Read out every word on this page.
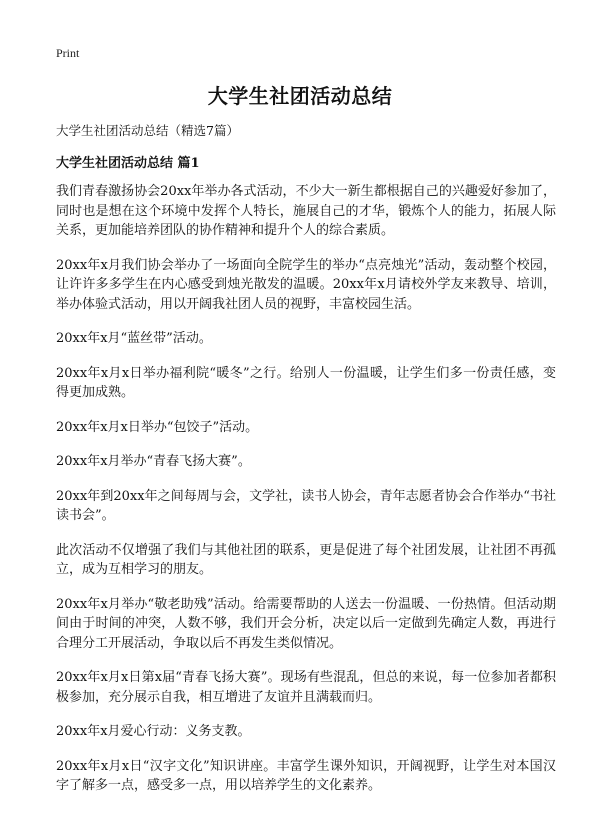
Print
大学生社团活动总结

大学生社团活动总结（精选7篇）

大学生社团活动总结 篇1

我们青春激扬协会20xx年举办各式活动，不少大一新生都根据自己的兴趣爱好参加了，同时也是想在这个环境中发挥个人特长，施展自己的才华，锻炼个人的能力，拓展人际关系，更加能培养团队的协作精神和提升个人的综合素质。

20xx年x月我们协会举办了一场面向全院学生的举办“点亮烛光”活动，轰动整个校园，让许许多多学生在内心感受到烛光散发的温暖。20xx年x月请校外学友来教导、培训，举办体验式活动，用以开阔我社团人员的视野，丰富校园生活。

20xx年x月“蓝丝带”活动。

20xx年x月x日举办福利院“暖冬”之行。给别人一份温暖，让学生们多一份责任感，变得更加成熟。

20xx年x月x日举办“包饺子”活动。

20xx年x月举办“青春飞扬大赛”。

20xx年到20xx年之间每周与会，文学社，读书人协会，青年志愿者协会合作举办“书社读书会”。

此次活动不仅增强了我们与其他社团的联系，更是促进了每个社团发展，让社团不再孤立，成为互相学习的朋友。

20xx年x月举办“敬老助残”活动。给需要帮助的人送去一份温暖、一份热情。但活动期间由于时间的冲突，人数不够，我们开会分析，决定以后一定做到先确定人数，再进行合理分工开展活动，争取以后不再发生类似情况。

20xx年x月x日第x届“青春飞扬大赛”。现场有些混乱，但总的来说，每一位参加者都积极参加，充分展示自我，相互增进了友谊并且满载而归。

20xx年x月爱心行动：义务支教。

20xx年x月x日“汉字文化”知识讲座。丰富学生课外知识，开阔视野，让学生对本国汉字了解多一点，感受多一点，用以培养学生的文化素养。
